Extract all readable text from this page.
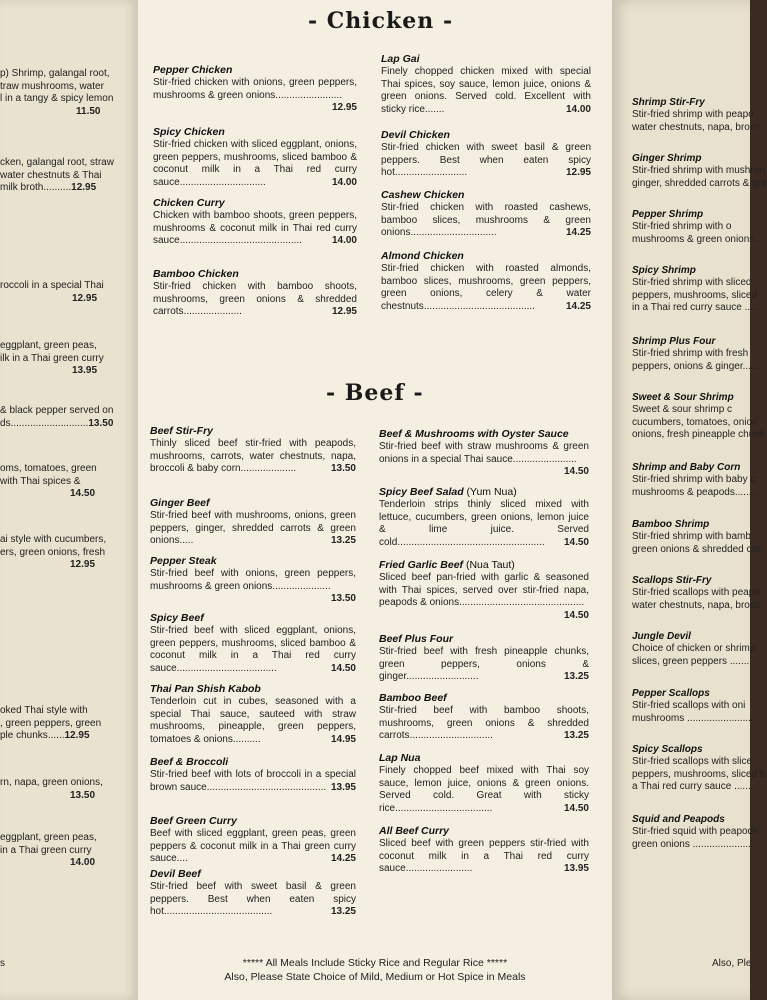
p) Shrimp, galangal root,
traw mushrooms, water
l in a tangy & spicy lemon
11.50
cken, galangal root, straw
water chestnuts & Thai
milk broth..........12.95
roccoli in a special Thai
12.95
eggplant, green peas,
ilk in a Thai green curry
13.95
& black pepper served on
ds............................13.50
oms, tomatoes, green
with Thai spices &
14.50
ai style with cucumbers,
ers, green onions, fresh
12.95
oked Thai style with
, green peppers, green
ple chunks......12.95
rn, napa, green onions,
13.50
eggplant, green peas,
in a Thai green curry
14.00
s
- Chicken -
Pepper Chicken
Stir-fried chicken with onions, green peppers, mushrooms & green onions........................
12.95
Spicy Chicken
Stir-fried chicken with sliced eggplant, onions, green peppers, mushrooms, sliced bamboo & coconut milk in a Thai red curry sauce...............................	14.00
Chicken Curry
Chicken with bamboo shoots, green peppers, mushrooms & coconut milk in Thai red curry sauce............................................	14.00
Bamboo Chicken
Stir-fried chicken with bamboo shoots, mushrooms, green onions & shredded carrots.....................	12.95
Lap Gai
Finely chopped chicken mixed with special Thai spices, soy sauce, lemon juice, onions & green onions. Served cold. Excellent with sticky rice.......	14.00
Devil Chicken
Stir-fried chicken with sweet basil & green peppers. Best when eaten spicy hot..........................	12.95
Cashew Chicken
Stir-fried chicken with roasted cashews, bamboo slices, mushrooms & green onions...............................	14.25
Almond Chicken
Stir-fried chicken with roasted almonds, bamboo slices, mushrooms, green peppers, green onions, celery & water chestnuts........................................	14.25
- Beef -
Beef Stir-Fry
Thinly sliced beef stir-fried with peapods, mushrooms, carrots, water chestnuts, napa, broccoli & baby corn....................	13.50
Ginger Beef
Stir-fried beef with mushrooms, onions, green peppers, ginger, shredded carrots & green onions.....	13.25
Pepper Steak
Stir-fried beef with onions, green peppers, mushrooms & green onions.....................
13.50
Spicy Beef
Stir-fried beef with sliced eggplant, onions, green peppers, mushrooms, sliced bamboo & coconut milk in a Thai red curry sauce....................................	14.50
Thai Pan Shish Kabob
Tenderloin cut in cubes, seasoned with a special Thai sauce, sauteed with straw mushrooms, pineapple, green peppers, tomatoes & onions..........	14.95
Beef & Broccoli
Stir-fried beef with lots of broccoli in a special brown sauce........................................... 13.95
Beef Green Curry
Beef with sliced eggplant, green peas, green peppers & coconut milk in a Thai green curry sauce....	14.25
Devil Beef
Stir-fried beef with sweet basil & green peppers. Best when eaten spicy hot.......................................	13.25
Beef & Mushrooms with Oyster Sauce
Stir-fried beef with straw mushrooms & green onions in a special Thai sauce.......................
14.50
Spicy Beef Salad (Yum Nua)
Tenderloin strips thinly sliced mixed with lettuce, cucumbers, green onions, lemon juice & lime juice. Served cold..................................................... 14.50
Fried Garlic Beef (Nua Taut)
Sliced beef pan-fried with garlic & seasoned with Thai spices, served over stir-fried napa, peapods & onions.............................................
14.50
Beef Plus Four
Stir-fried beef with fresh pineapple chunks, green peppers, onions & ginger..........................	13.25
Bamboo Beef
Stir-fried beef with bamboo shoots, mushrooms, green onions & shredded carrots..............................	13.25
Lap Nua
Finely chopped beef mixed with Thai soy sauce, lemon juice, onions & green onions. Served cold. Great with sticky rice...................................	14.50
All Beef Curry
Sliced beef with green peppers stir-fried with coconut milk in a Thai red curry sauce........................	13.95
***** All Meals Include Sticky Rice and Regular Rice *****
Also, Please State Choice of Mild, Medium or Hot Spice in Meals
Shrimp Stir-Fry
Stir-fried shrimp with peapo
water chestnuts, napa, brocc
Ginger Shrimp
Stir-fried shrimp with mushroo
ginger, shredded carrots & gre
Pepper Shrimp
Stir-fried shrimp with o
mushrooms & green onions....
Spicy Shrimp
Stir-fried shrimp with sliced
peppers, mushrooms, sliced
in a Thai red curry sauce ......
Shrimp Plus Four
Stir-fried shrimp with fresh
peppers, onions & ginger......
Sweet & Sour Shrimp
Sweet & sour shrimp c
cucumbers, tomatoes, onion
onions, fresh pineapple chunk
Shrimp and Baby Corn
Stir-fried shrimp with baby c
mushrooms & peapods.........
Bamboo Shrimp
Stir-fried shrimp with bamb
green onions & shredded carr
Scallops Stir-Fry
Stir-fried scallops with peapo
water chestnuts, napa, brocc
Jungle Devil
Choice of chicken or shrimp
slices, green peppers .........
Pepper Scallops
Stir-fried scallops with oni
mushrooms ........................
Spicy Scallops
Stir-fried scallops with slice
peppers, mushrooms, sliced b
a Thai red curry sauce ........
Squid and Peapods
Stir-fried squid with peapods
green onions .....................
Also, Ple
